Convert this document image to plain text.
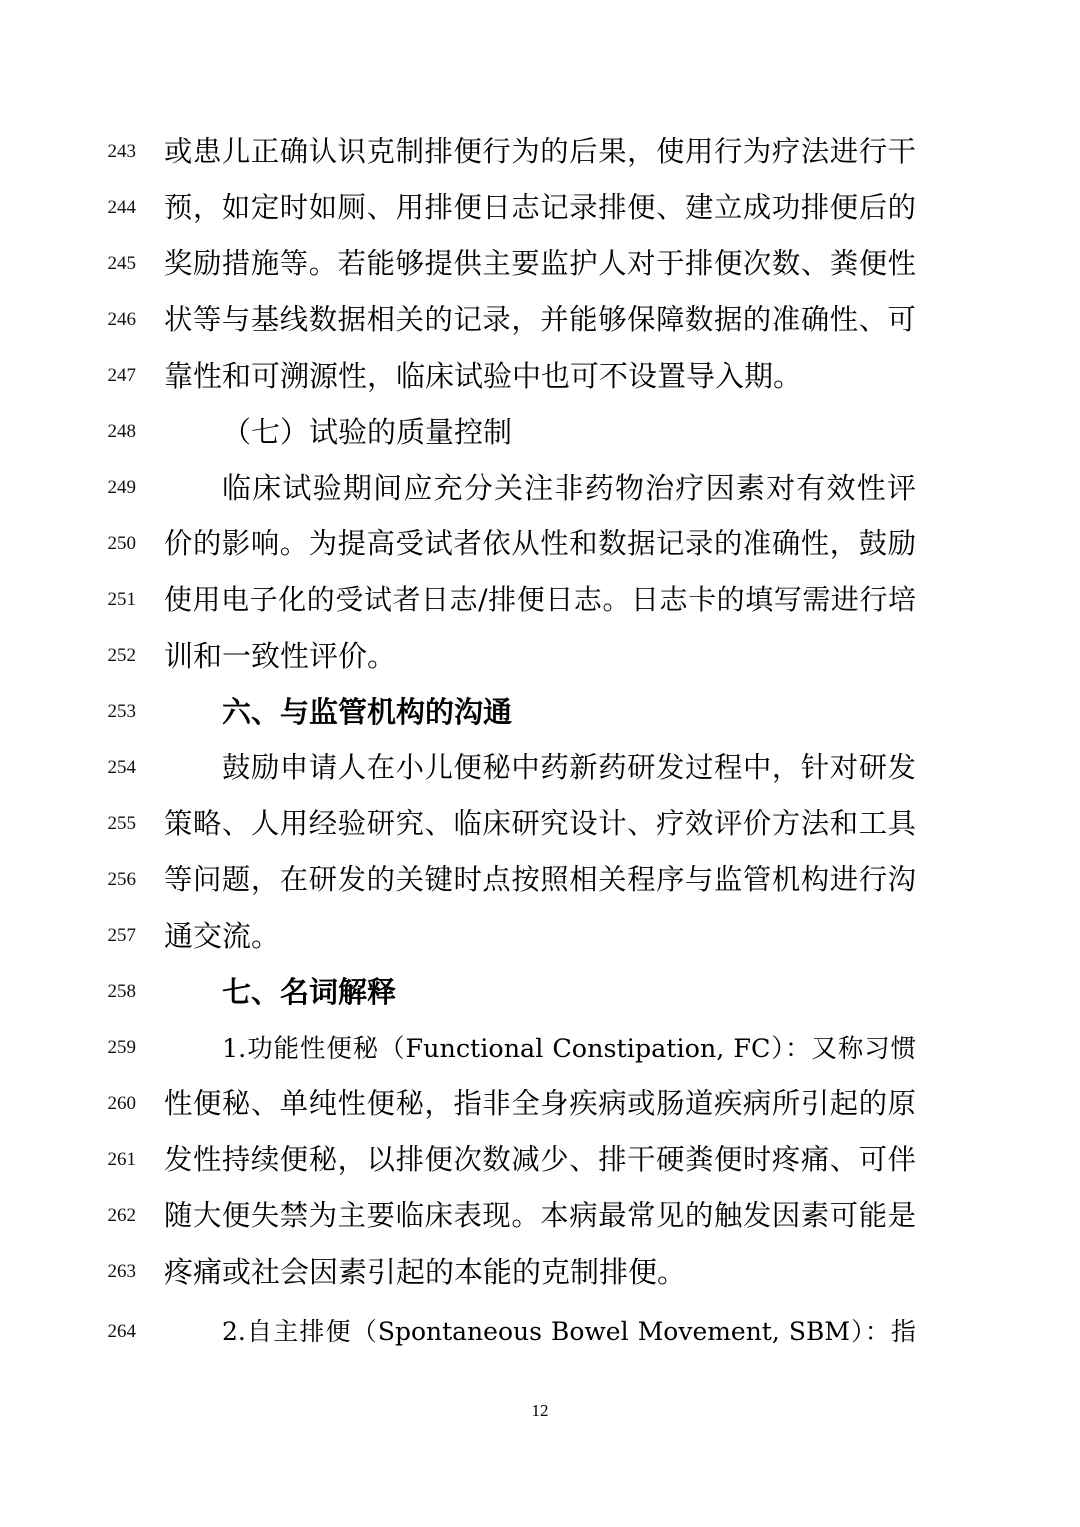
243 或患儿正确认识克制排便行为的后果，使用行为疗法进行干
244 预，如定时如厕、用排便日志记录排便、建立成功排便后的
245 奖励措施等。若能够提供主要监护人对于排便次数、粪便性
246 状等与基线数据相关的记录，并能够保障数据的准确性、可
247 靠性和可溯源性，临床试验中也可不设置导入期。
248	（七）试验的质量控制
249	临床试验期间应充分关注非药物治疗因素对有效性评
250 价的影响。为提高受试者依从性和数据记录的准确性，鼓励
251 使用电子化的受试者日志/排便日志。日志卡的填写需进行培
252 训和一致性评价。
253	六、与监管机构的沟通
254	鼓励申请人在小儿便秘中药新药研发过程中，针对研发
255 策略、人用经验研究、临床研究设计、疗效评价方法和工具
256 等问题，在研发的关键时点按照相关程序与监管机构进行沟
257 通交流。
258	七、名词解释
259	1.功能性便秘（Functional Constipation, FC）：又称习惯
260 性便秘、单纯性便秘，指非全身疾病或肠道疾病所引起的原
261 发性持续便秘，以排便次数减少、排干硬粪便时疼痛、可伴
262 随大便失禁为主要临床表现。本病最常见的触发因素可能是
263 疼痛或社会因素引起的本能的克制排便。
264	2.自主排便（Spontaneous Bowel Movement, SBM）：指
12
